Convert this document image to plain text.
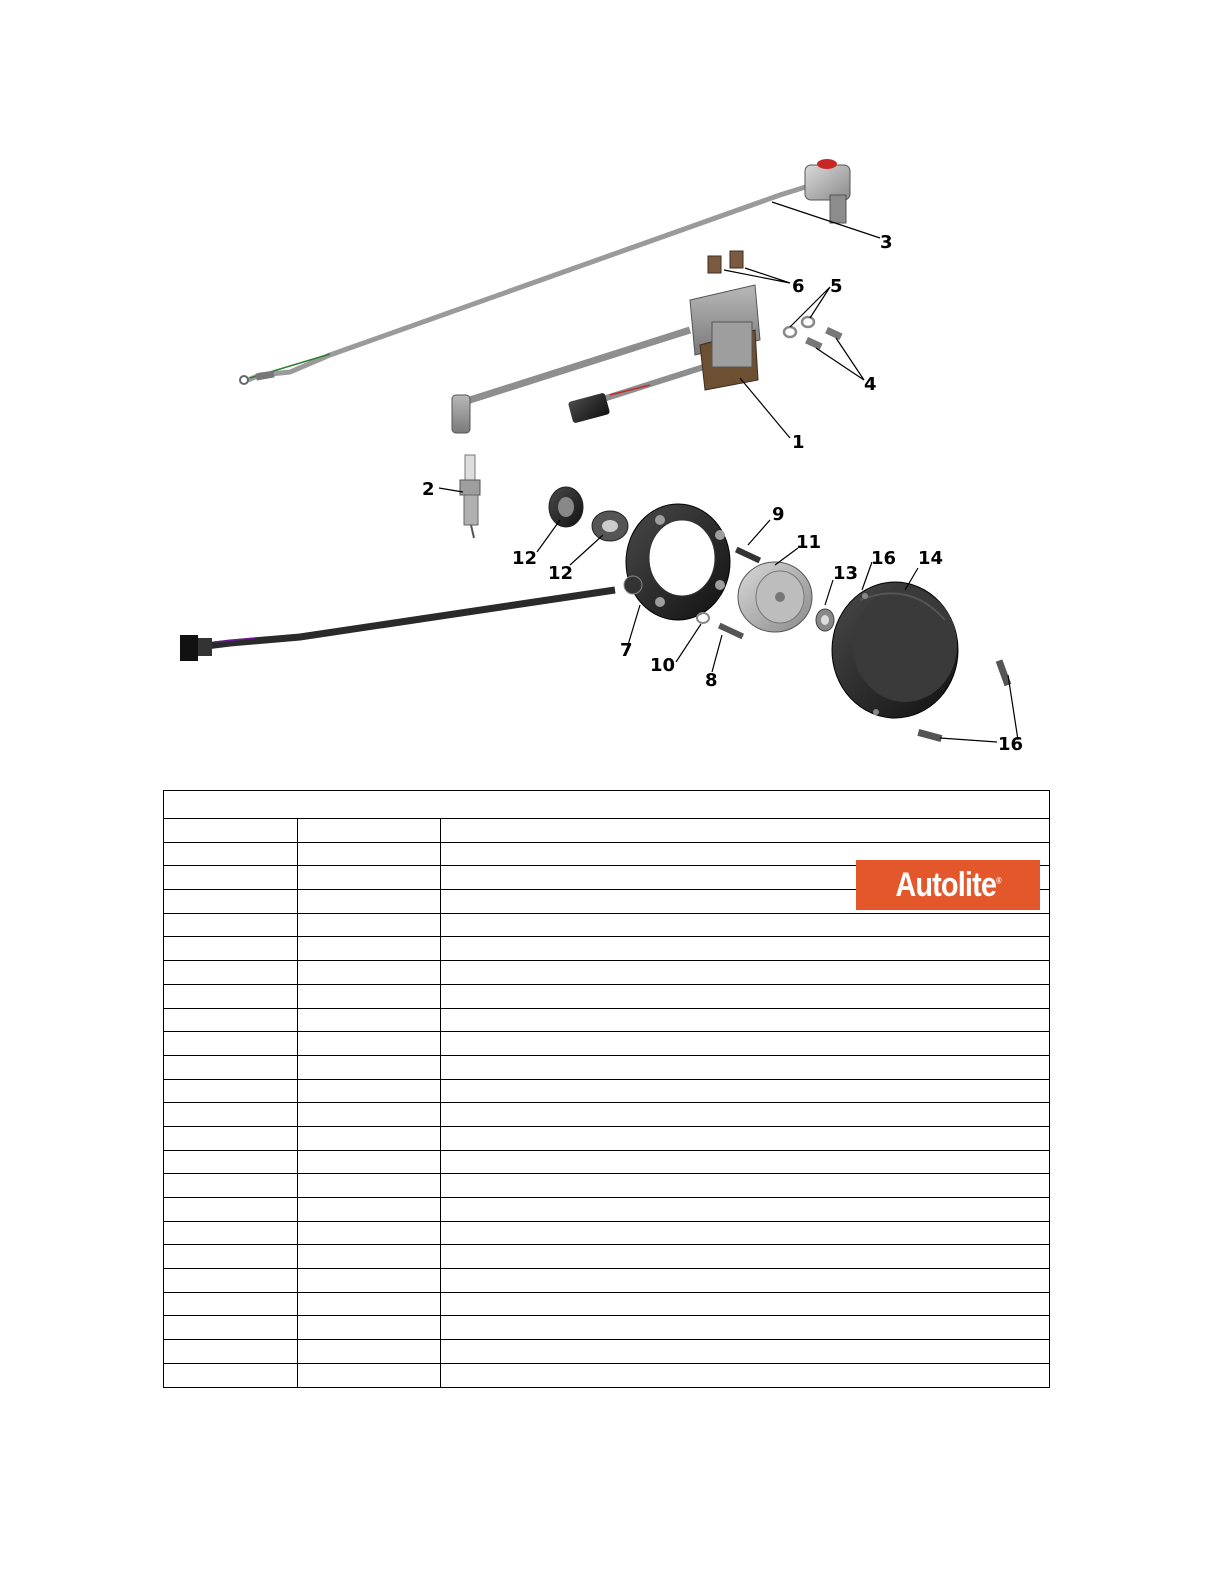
3
6 5
4
1
2
12
12
7
10
8
9
11
13
16 14
16

Autolite®
